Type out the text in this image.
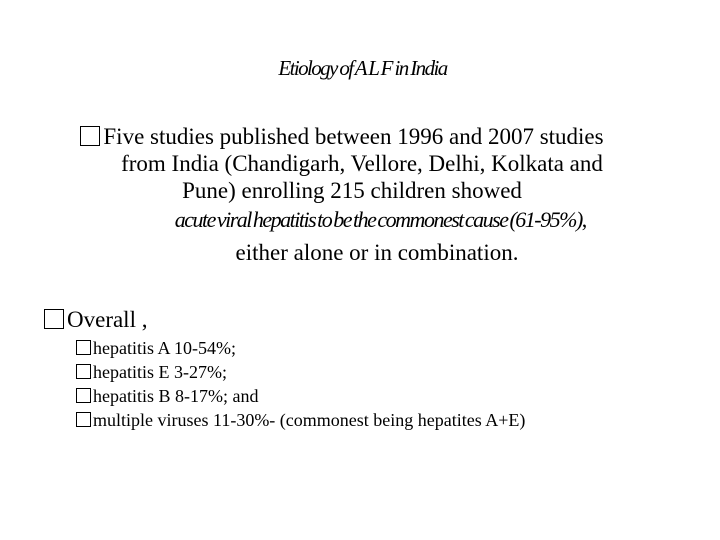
Etiology of A L F in India
Five studies published between 1996 and 2007 studies
from India (Chandigarh, Vellore, Delhi, Kolkata and
Pune) enrolling 215 children showed
acute viral hepatitis to be the commonest cause (61-95%),
either alone or in combination.
Overall ,
hepatitis A 10-54%;
hepatitis E 3-27%;
hepatitis B 8-17%; and
multiple viruses 11-30%- (commonest being hepatites A+E)
